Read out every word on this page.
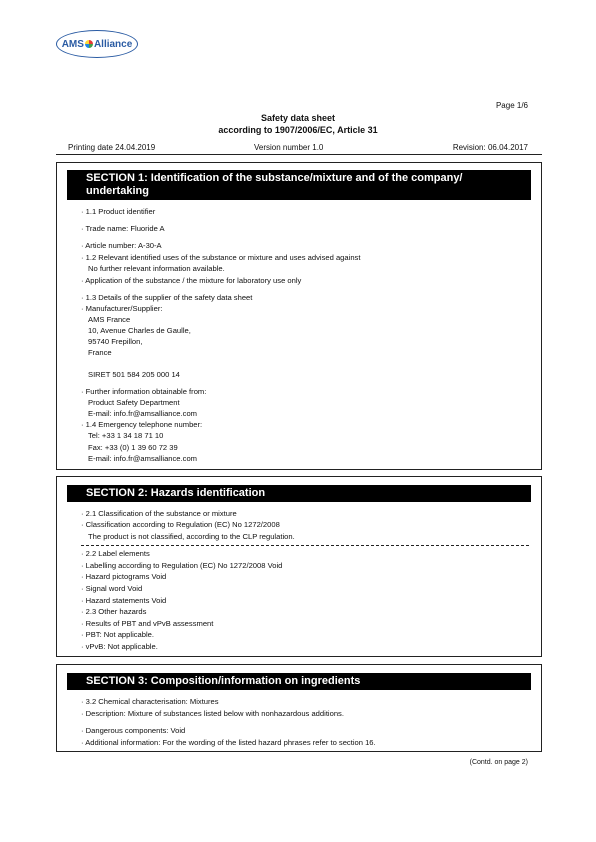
AMS Alliance
Page 1/6
Safety data sheet
according to 1907/2006/EC, Article 31
Printing date 24.04.2019	Version number 1.0	Revision: 06.04.2017
SECTION 1: Identification of the substance/mixture and of the company/ undertaking
· 1.1 Product identifier
· Trade name: Fluoride A
· Article number: A-30-A
· 1.2 Relevant identified uses of the substance or mixture and uses advised against
No further relevant information available.
· Application of the substance / the mixture for laboratory use only
· 1.3 Details of the supplier of the safety data sheet
· Manufacturer/Supplier:
AMS France
10, Avenue Charles de Gaulle,
95740 Frepillon,
France
SIRET 501 584 205 000 14
· Further information obtainable from:
Product Safety Department
E-mail: info.fr@amsalliance.com
· 1.4 Emergency telephone number:
Tel: +33 1 34 18 71 10
Fax: +33 (0) 1 39 60 72 39
E-mail: info.fr@amsalliance.com
SECTION 2: Hazards identification
· 2.1 Classification of the substance or mixture
· Classification according to Regulation (EC) No 1272/2008
The product is not classified, according to the CLP regulation.
· 2.2 Label elements
· Labelling according to Regulation (EC) No 1272/2008 Void
· Hazard pictograms Void
· Signal word Void
· Hazard statements Void
· 2.3 Other hazards
· Results of PBT and vPvB assessment
· PBT: Not applicable.
· vPvB: Not applicable.
SECTION 3: Composition/information on ingredients
· 3.2 Chemical characterisation: Mixtures
· Description: Mixture of substances listed below with nonhazardous additions.
· Dangerous components: Void
· Additional information: For the wording of the listed hazard phrases refer to section 16.
(Contd. on page 2)
